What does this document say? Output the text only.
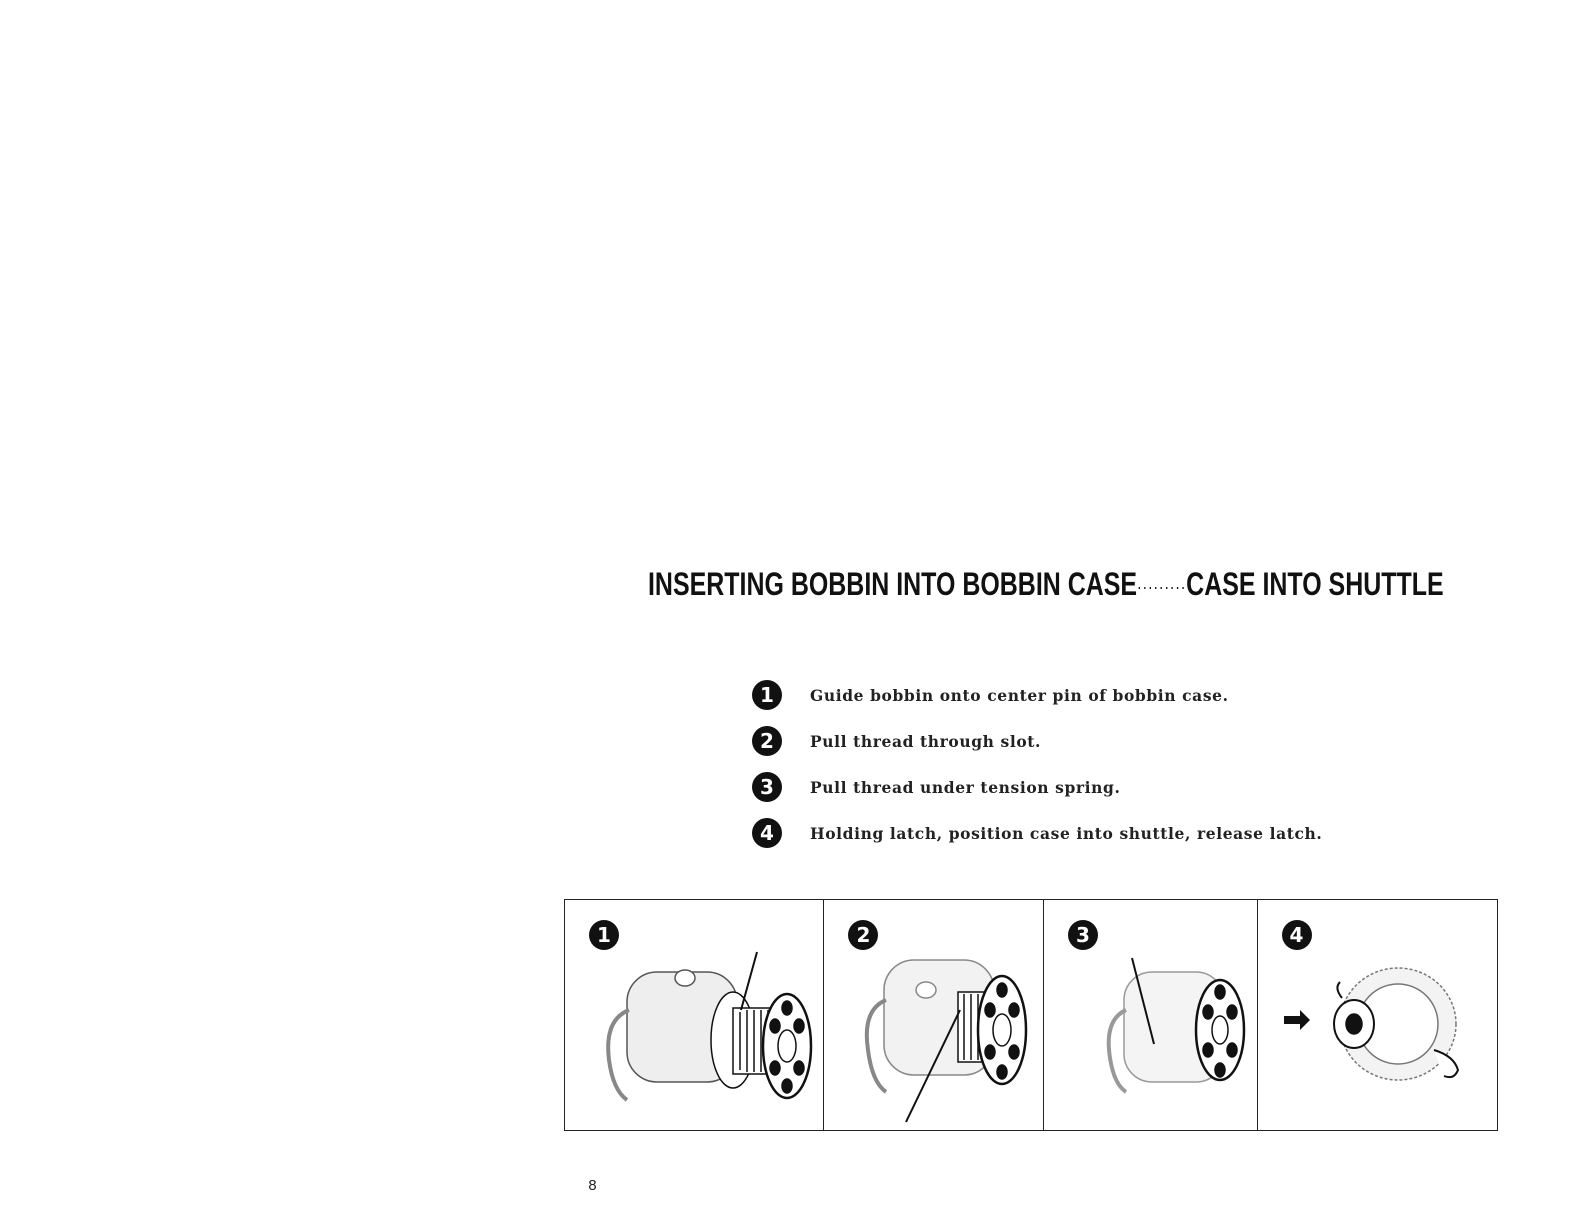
INSERTING BOBBIN INTO BOBBIN CASE·········CASE INTO SHUTTLE
1	Guide bobbin onto center pin of bobbin case.
2	Pull thread through slot.
3	Pull thread under tension spring.
4	Holding latch, position case into shuttle, release latch.
1	2	3	4
8
